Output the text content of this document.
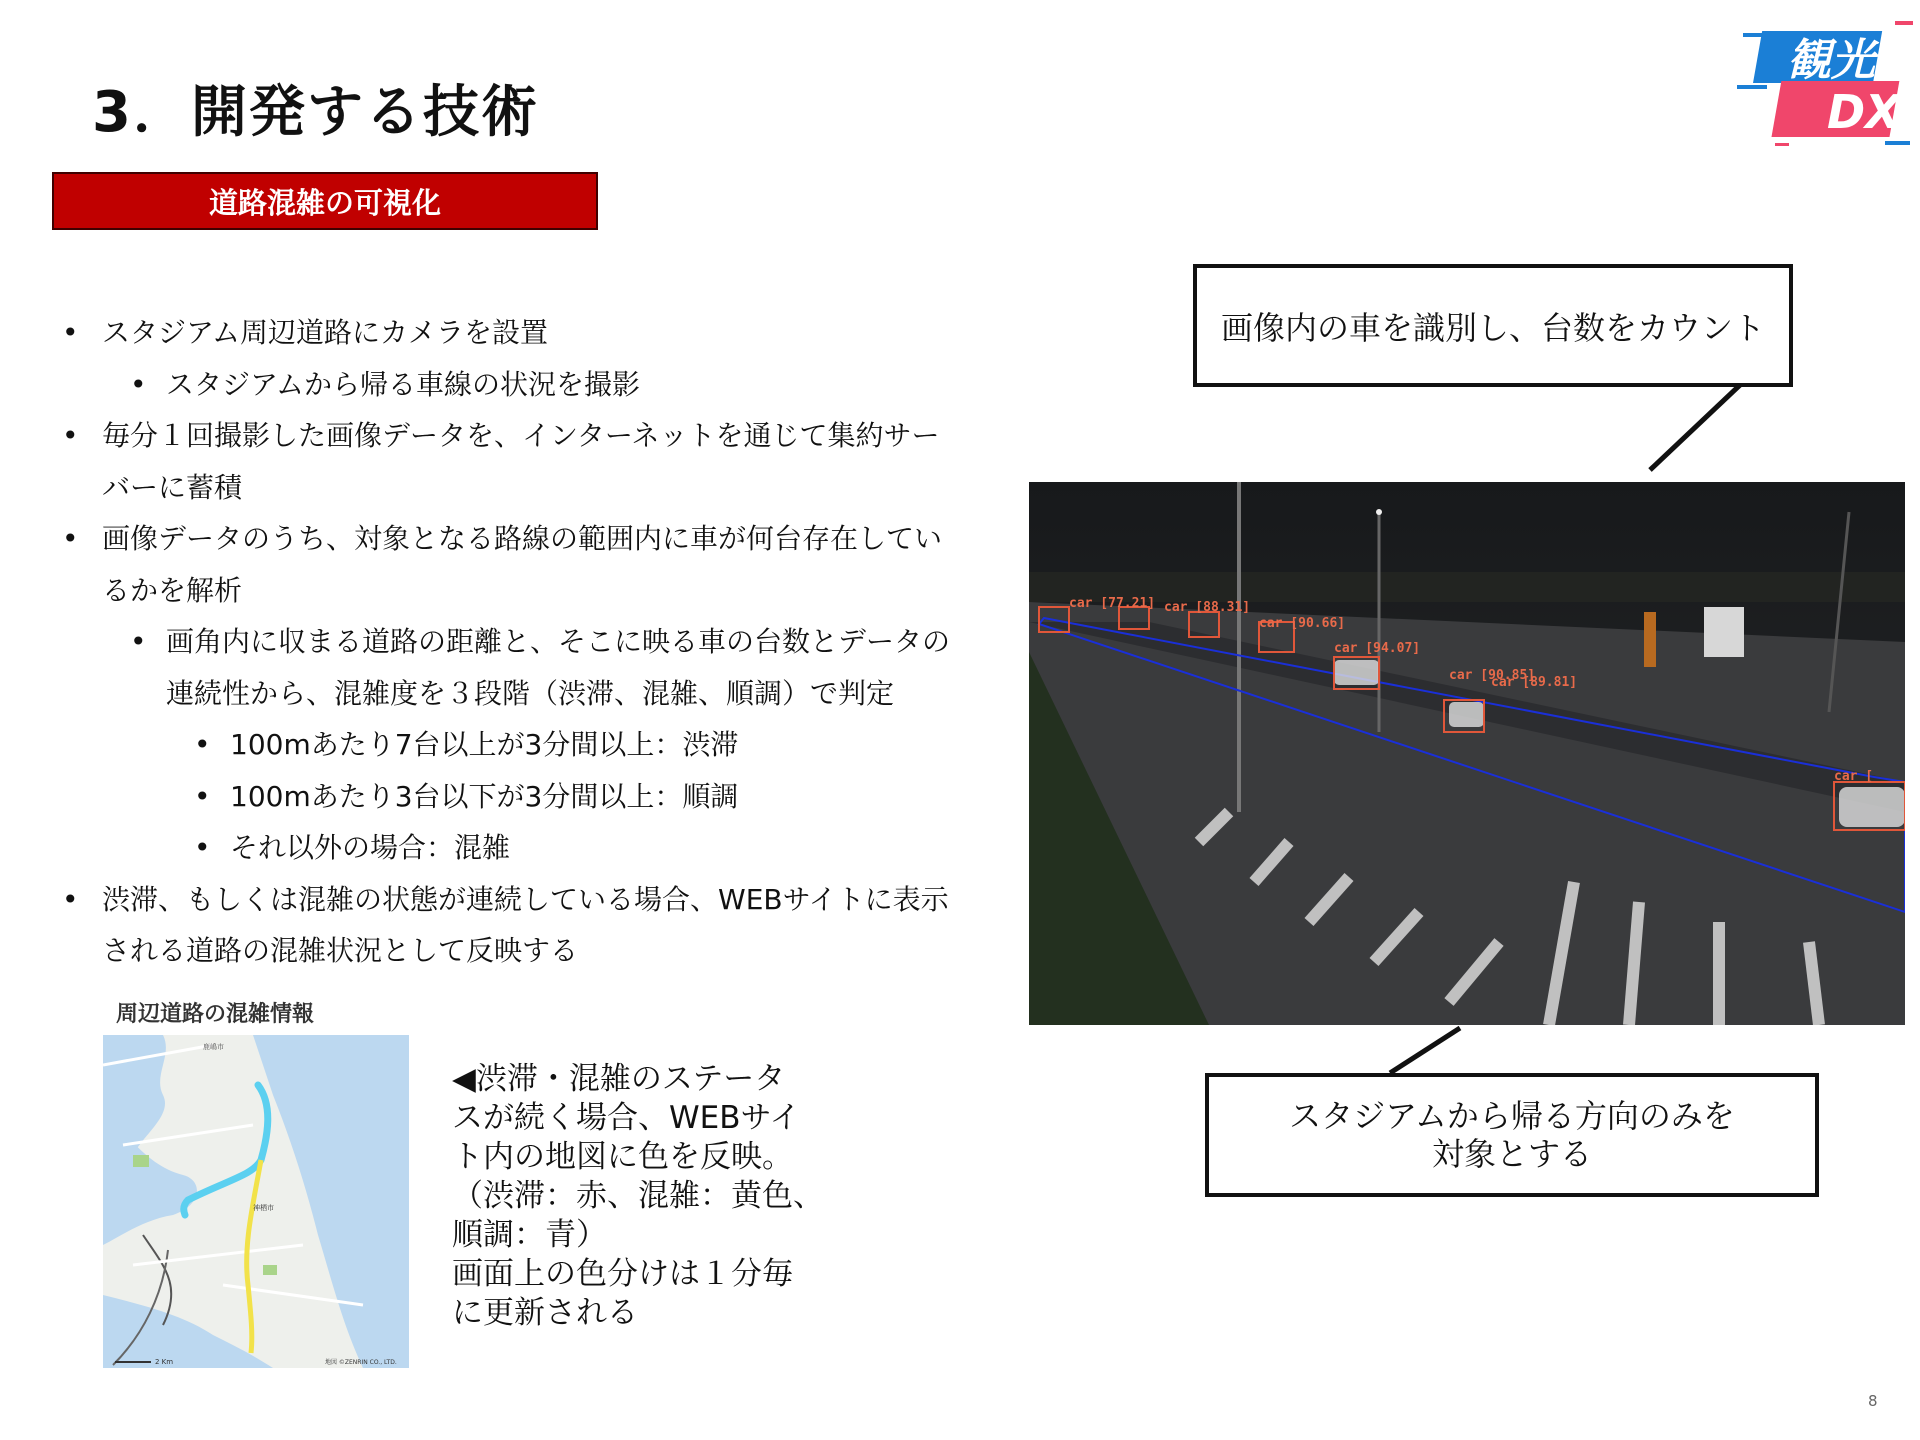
3．開発する技術
観光
DX
道路混雑の可視化
• スタジアム周辺道路にカメラを設置
• スタジアムから帰る車線の状況を撮影
• 毎分１回撮影した画像データを、インターネットを通じて集約サー
バーに蓄積
• 画像データのうち、対象となる路線の範囲内に車が何台存在してい
るかを解析
• 画角内に収まる道路の距離と、そこに映る車の台数とデータの
連続性から、混雑度を３段階（渋滞、混雑、順調）で判定
• 100mあたり7台以上が3分間以上：渋滞
• 100mあたり3台以下が3分間以上：順調
• それ以外の場合：混雑
• 渋滞、もしくは混雑の状態が連続している場合、WEBサイトに表示
される道路の混雑状況として反映する
周辺道路の混雑情報
鹿嶋市
神栖市
2 Km	地図 ©ZENRIN CO., LTD.
◀渋滞・混雑のステータ
スが続く場合、WEBサイ
ト内の地図に色を反映。
（渋滞：赤、混雑：黄色、
順調：青）
画面上の色分けは１分毎
に更新される
画像内の車を識別し、台数をカウント
car [77.21] car [88.31]
car [90.66]
car [94.07]
car [90.85]
car [89.81]
car [
スタジアムから帰る方向のみを
対象とする
8
